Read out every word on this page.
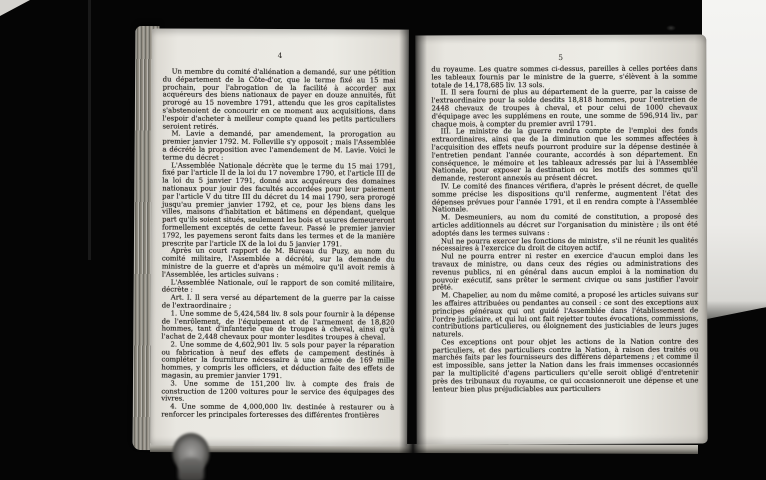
4

Un membre du comité d'aliénation a demandé, sur une pétition du département de la Côte-d'or, que le terme fixé au 15 mai prochain, pour l'abrogation de la facilité à accorder aux acquéreurs des biens nationaux de payer en douze annuités, fût prorogé au 15 novembre 1791, attendu que les gros capitalistes s'abstenoient de concourir en ce moment aux acquisitions, dans l'espoir d'acheter à meilleur compte quand les petits particuliers seroient retirés.

M. Lavie a demandé, par amendement, la prorogation au premier janvier 1792. M. Folleville s'y opposoit ; mais l'Assemblée a décrété la proposition avec l'amendement de M. Lavie. Voici le terme du décret :

L'Assemblée Nationale décrète que le terme du 15 mai 1791, fixé par l'article II de la loi du 17 novembre 1790, et l'article III de la loi du 5 janvier 1791, donné aux acquéreurs des domaines nationaux pour jouir des facultés accordées pour leur paiement par l'article V du titre III du décret du 14 mai 1790, sera prorogé jusqu'au premier janvier 1792, et ce, pour les biens dans les villes, maisons d'habitation et bâtimens en dépendant, quelque part qu'ils soient situés, seulement les bois et usures demeureront formellement exceptés de cette faveur. Passé le premier janvier 1792, les payemens seront faits dans les termes et de la manière prescrite par l'article IX de la loi du 5 janvier 1791.

Après un court rapport de M. Bureau du Puzy, au nom du comité militaire, l'Assemblée a décrété, sur la demande du ministre de la guerre et d'après un mémoire qu'il avoit remis à l'Assemblée, les articles suivans :

L'Assemblée Nationale, ouï le rapport de son comité militaire, décrète :

Art. I. Il sera versé au département de la guerre par la caisse de l'extraordinaire ;

1. Une somme de 5,424,584 liv. 8 sols pour fournir à la dépense de l'enrôlement, de l'équipement et de l'armement de 18,820 hommes, tant d'infanterie que de troupes à cheval, ainsi qu'à l'achat de 2,448 chevaux pour monter lesdites troupes à cheval.

2. Une somme de 4,602,901 liv. 5 sols pour payer la réparation ou fabrication à neuf des effets de campement destinés à compléter la fourniture nécessaire à une armée de 169 mille hommes, y compris les officiers, et déduction faite des effets de magasin, au premier janvier 1791.

3. Une somme de 151,200 liv. à compte des frais de construction de 1200 voitures pour le service des équipages des vivres.

4. Une somme de 4,000,000 liv. destinée à restaurer ou à renforcer les principales forteresses des différentes frontières

5

du royaume. Les quatre sommes ci-dessus, pareilles à celles portées dans les tableaux fournis par le ministre de la guerre, s'élèvent à la somme totale de 14,178,685 liv. 13 sols.

II. Il sera fourni de plus au département de la guerre, par la caisse de l'extraordinaire pour la solde desdits 18,818 hommes, pour l'entretien de 2448 chevaux de troupes à cheval, et pour celui de 1000 chevaux d'équipage avec les supplémens en route, une somme de 596,914 liv., par chaque mois, à compter du premier avril 1791.

III. Le ministre de la guerre rendra compte de l'emploi des fonds extraordinaires, ainsi que de la diminution que les sommes affectées à l'acquisition des effets neufs pourront produire sur la dépense destinée à l'entretien pendant l'année courante, accordés à son département. En conséquence, le mémoire et les tableaux adressés par lui à l'Assemblée Nationale, pour exposer la destination ou les motifs des sommes qu'il demande, resteront annexés au présent décret.

IV. Le comité des finances vérifiera, d'après le présent décret, de quelle somme précise les dispositions qu'il renferme, augmentent l'état des dépenses prévues pour l'année 1791, et il en rendra compte à l'Assemblée Nationale.

M. Desmeuniers, au nom du comité de constitution, a proposé des articles additionnels au décret sur l'organisation du ministère ; ils ont été adoptés dans les termes suivans :

Nul ne pourra exercer les fonctions de ministre, s'il ne réunit les qualités nécessaires à l'exercice du droit de citoyen actif.

Nul ne pourra entrer ni rester en exercice d'aucun emploi dans les travaux de ministre, ou dans ceux des régies ou administrations des revenus publics, ni en général dans aucun emploi à la nomination du pouvoir exécutif, sans prêter le serment civique ou sans justifier l'avoir prêté.

M. Chapelier, au nom du même comité, a proposé les articles suivans sur les affaires attribuées ou pendantes au conseil : ce sont des exceptions aux principes généraux qui ont guidé l'Assemblée dans l'établissement de l'ordre judiciaire, et qui lui ont fait rejetter toutes évocations, commissions, contributions particulieres, ou éloignement des justiciables de leurs juges naturels.

Ces exceptions ont pour objet les actions de la Nation contre des particuliers, et des particuliers contre la Nation, à raison des traités ou marchés faits par les fournisseurs des différens départemens ; et comme il est impossible, sans jetter la Nation dans les frais immenses occasionnés par la multiplicité d'agens particuliers qu'elle seroit obligé d'entretenir près des tribunaux du royaume, ce qui occasionneroit une dépense et une lenteur bien plus préjudiciables aux particuliers
